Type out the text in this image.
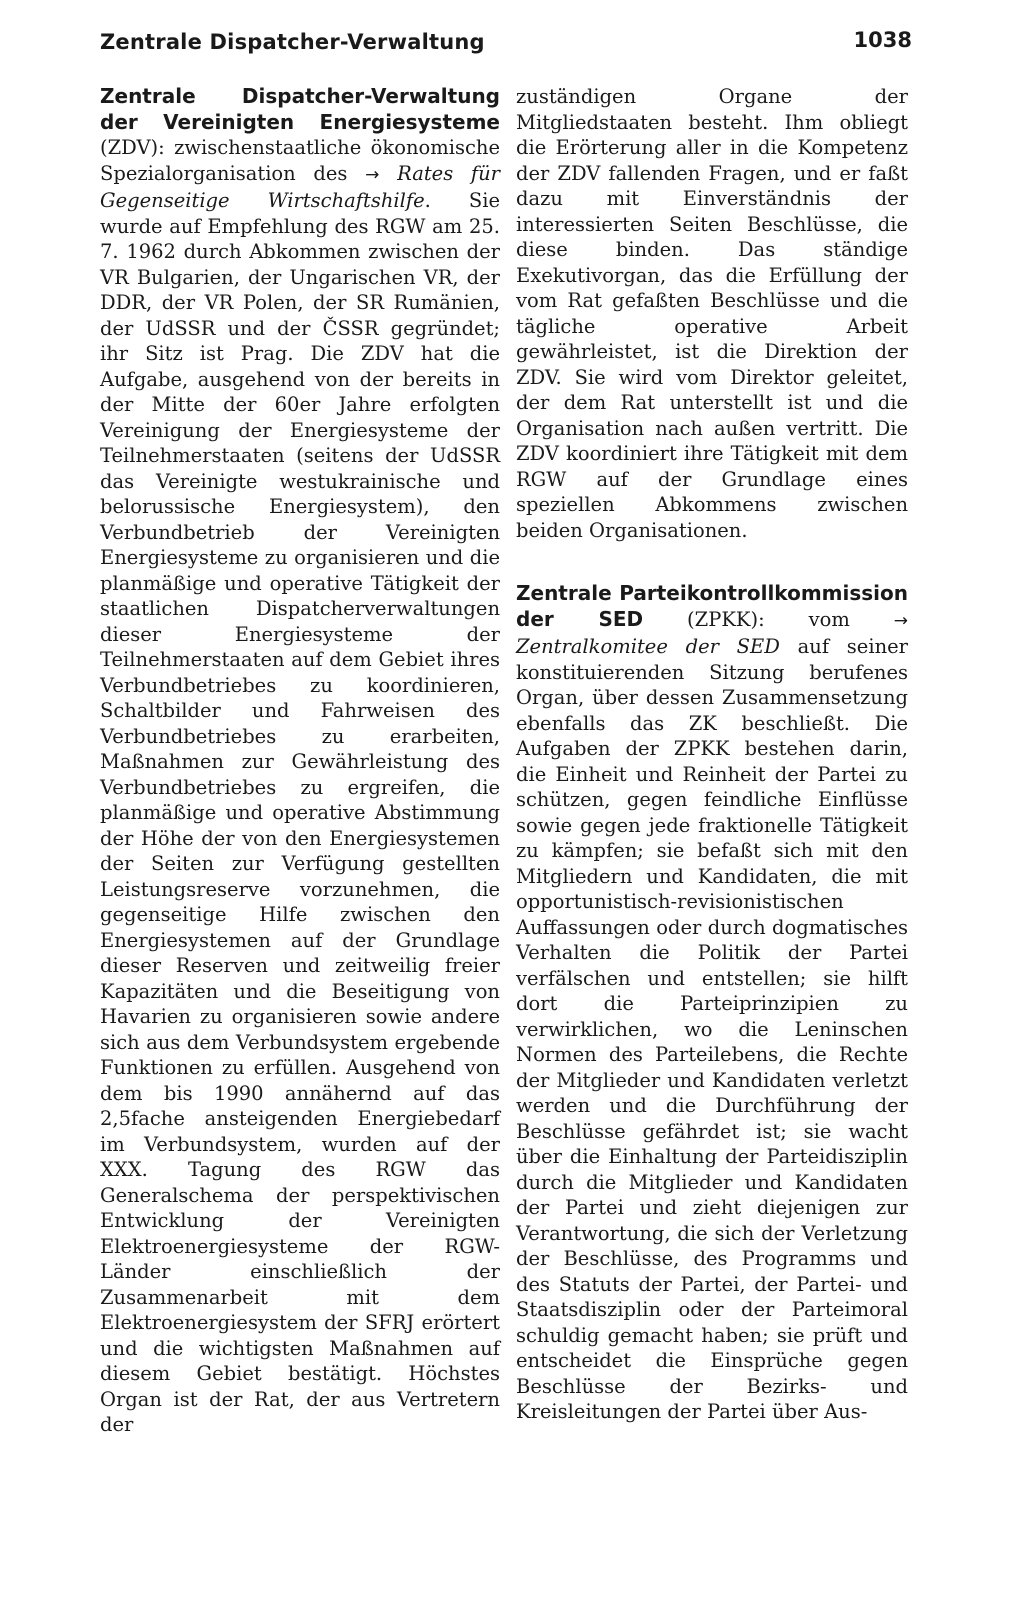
Zentrale Dispatcher-Verwaltung	1038

Zentrale Dispatcher-Verwaltung der Vereinigten Energiesysteme (ZDV): zwischenstaatliche ökonomische Spezialorganisation des → Rates für Gegenseitige Wirtschaftshilfe. Sie wurde auf Empfehlung des RGW am 25. 7. 1962 durch Abkommen zwischen der VR Bulgarien, der Ungarischen VR, der DDR, der VR Polen, der SR Rumänien, der UdSSR und der ČSSR gegründet; ihr Sitz ist Prag. Die ZDV hat die Aufgabe, ausgehend von der bereits in der Mitte der 60er Jahre erfolgten Vereinigung der Energiesysteme der Teilnehmerstaaten (seitens der UdSSR das Vereinigte westukrainische und belorussische Energiesystem), den Verbundbetrieb der Vereinigten Energiesysteme zu organisieren und die planmäßige und operative Tätigkeit der staatlichen Dispatcherverwaltungen dieser Energiesysteme der Teilnehmerstaaten auf dem Gebiet ihres Verbundbetriebes zu koordinieren, Schaltbilder und Fahrweisen des Verbundbetriebes zu erarbeiten, Maßnahmen zur Gewährleistung des Verbundbetriebes zu ergreifen, die planmäßige und operative Abstimmung der Höhe der von den Energiesystemen der Seiten zur Verfügung gestellten Leistungsreserve vorzunehmen, die gegenseitige Hilfe zwischen den Energiesystemen auf der Grundlage dieser Reserven und zeitweilig freier Kapazitäten und die Beseitigung von Havarien zu organisieren sowie andere sich aus dem Verbundsystem ergebende Funktionen zu erfüllen. Ausgehend von dem bis 1990 annähernd auf das 2,5fache ansteigenden Energiebedarf im Verbundsystem, wurden auf der XXX. Tagung des RGW das Generalschema der perspektivischen Entwicklung der Vereinigten Elektroenergiesysteme der RGW-Länder einschließlich der Zusammenarbeit mit dem Elektroenergiesystem der SFRJ erörtert und die wichtigsten Maßnahmen auf diesem Gebiet bestätigt. Höchstes Organ ist der Rat, der aus Vertretern der

zuständigen Organe der Mitgliedstaaten besteht. Ihm obliegt die Erörterung aller in die Kompetenz der ZDV fallenden Fragen, und er faßt dazu mit Einverständnis der interessierten Seiten Beschlüsse, die diese binden. Das ständige Exekutivorgan, das die Erfüllung der vom Rat gefaßten Beschlüsse und die tägliche operative Arbeit gewährleistet, ist die Direktion der ZDV. Sie wird vom Direktor geleitet, der dem Rat unterstellt ist und die Organisation nach außen vertritt. Die ZDV koordiniert ihre Tätigkeit mit dem RGW auf der Grundlage eines speziellen Abkommens zwischen beiden Organisationen.

Zentrale Parteikontrollkommission der SED (ZPKK): vom → Zentralkomitee der SED auf seiner konstituierenden Sitzung berufenes Organ, über dessen Zusammensetzung ebenfalls das ZK beschließt. Die Aufgaben der ZPKK bestehen darin, die Einheit und Reinheit der Partei zu schützen, gegen feindliche Einflüsse sowie gegen jede fraktionelle Tätigkeit zu kämpfen; sie befaßt sich mit den Mitgliedern und Kandidaten, die mit opportunistisch-revisionistischen Auffassungen oder durch dogmatisches Verhalten die Politik der Partei verfälschen und entstellen; sie hilft dort die Parteiprinzipien zu verwirklichen, wo die Leninschen Normen des Parteilebens, die Rechte der Mitglieder und Kandidaten verletzt werden und die Durchführung der Beschlüsse gefährdet ist; sie wacht über die Einhaltung der Parteidisziplin durch die Mitglieder und Kandidaten der Partei und zieht diejenigen zur Verantwortung, die sich der Verletzung der Beschlüsse, des Programms und des Statuts der Partei, der Partei- und Staatsdisziplin oder der Parteimoral schuldig gemacht haben; sie prüft und entscheidet die Einsprüche gegen Beschlüsse der Bezirks- und Kreisleitungen der Partei über Aus-
